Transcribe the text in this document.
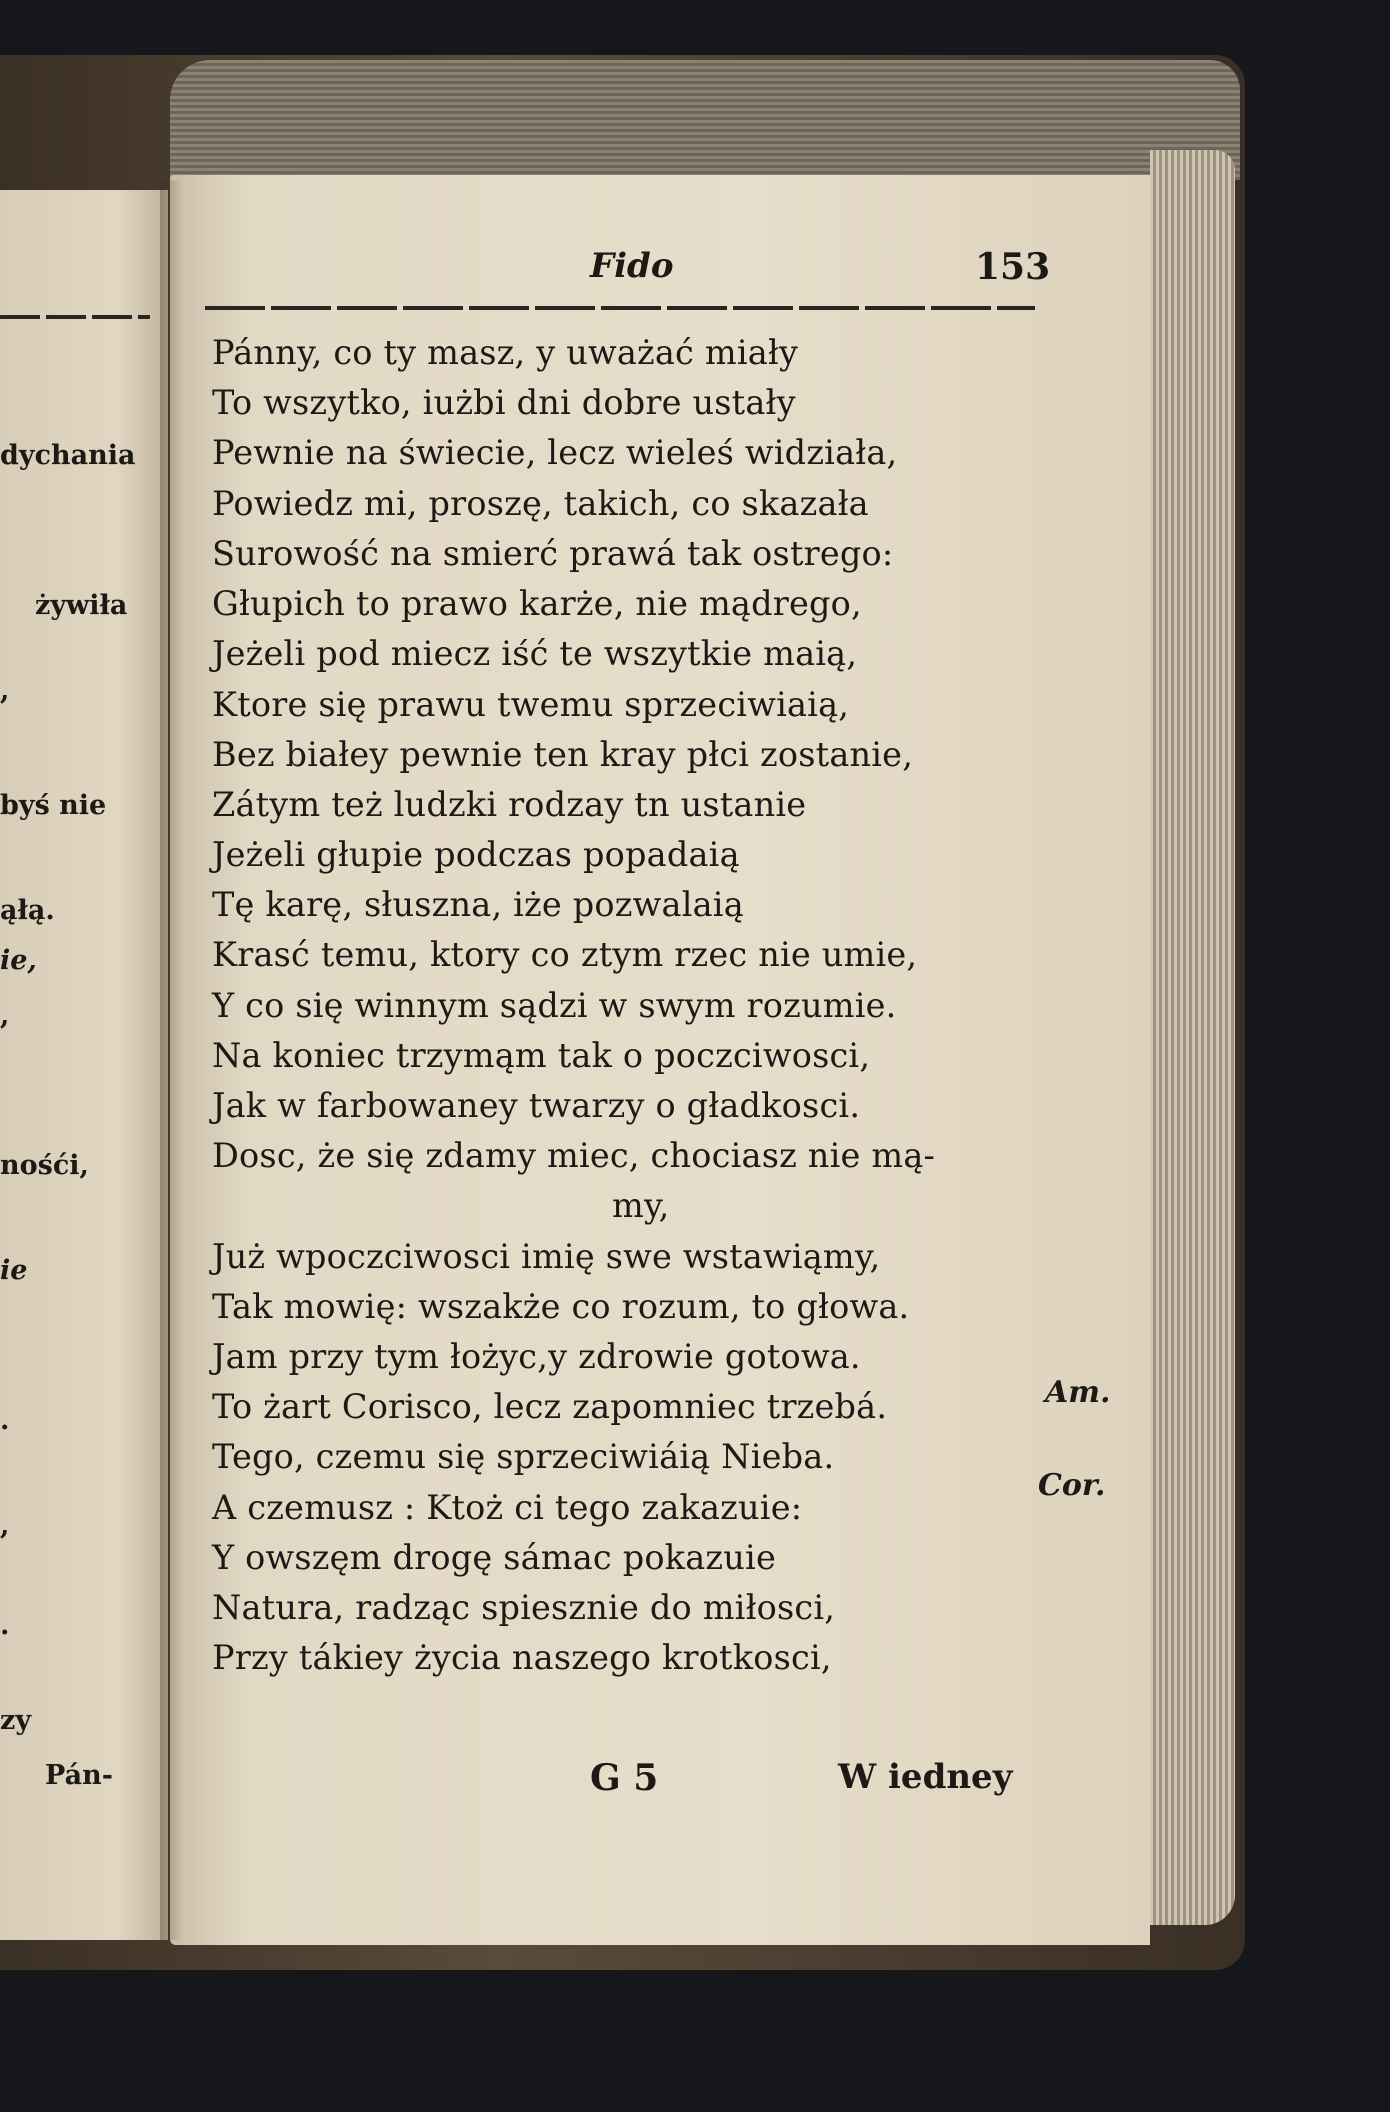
dychania
żywiła
,
byś nie
ąłą.
ie,
,
nośći,
ie
.
,
.
zy
Pán-
Fido	153
Pánny, co ty masz, y uważać miały
To wszytko, iużbi dni dobre ustały
Pewnie na świecie, lecz wieleś widziała,
Powiedz mi, proszę, takich, co skazała
Surowość na smierć prawá tak ostrego:
Głupich to prawo karże, nie mądrego,
Jeżeli pod miecz iść te wszytkie maią,
Ktore się prawu twemu sprzeciwiaią,
Bez białey pewnie ten kray płci zostanie,
Zátym też ludzki rodzay tn ustanie
Jeżeli głupie podczas popadaią
Tę karę, słuszna, iże pozwalaią
Krasć temu, ktory co ztym rzec nie umie,
Y co się winnym sądzi w swym rozumie.
Na koniec trzymąm tak o poczciwosci,
Jak w farbowaney twarzy o gładkosci.
Dosc, że się zdamy miec, chociasz nie mą-
my,
Już wpoczciwosci imię swe wstawiąmy,
Tak mowię: wszakże co rozum, to głowa.
Jam przy tym łożyc,y zdrowie gotowa.
To żart Corisco, lecz zapomniec trzebá.
Tego, czemu się sprzeciwiáią Nieba.
A czemusz : Ktoż ci tego zakazuie:
Y owszęm drogę sámac pokazuie
Natura, radząc spiesznie do miłosci,
Przy tákiey życia naszego krotkosci,
Am.
Cor.
G 5	W iedney
